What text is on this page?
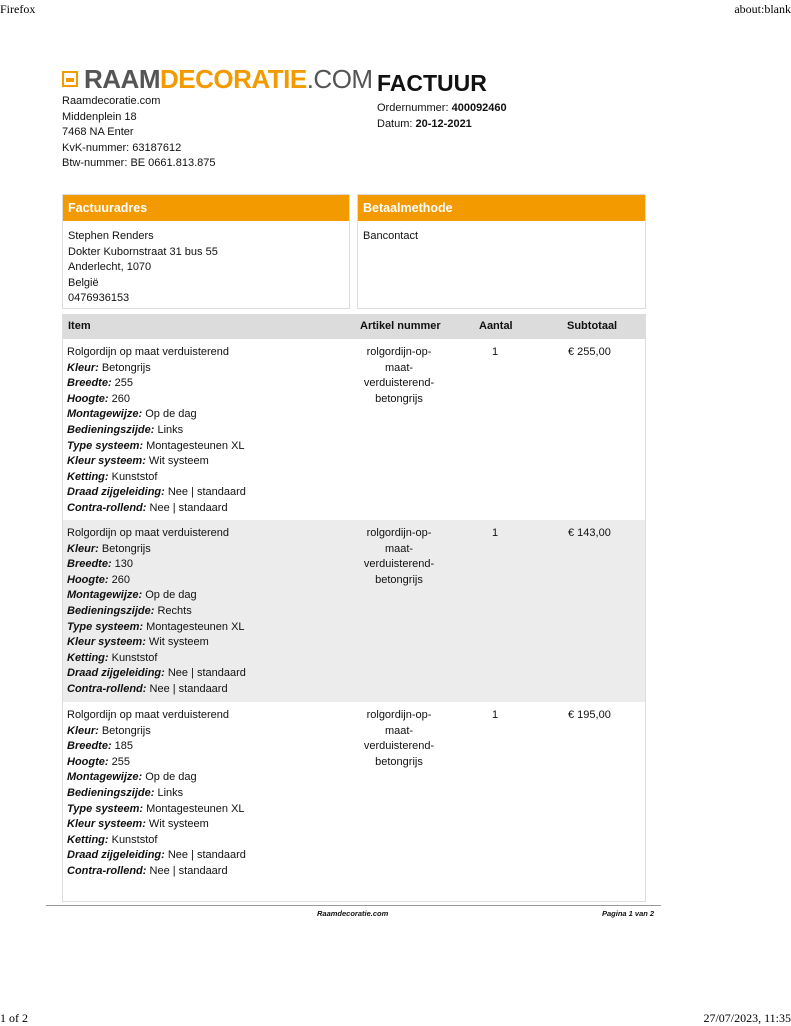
Firefox	about:blank
RAAMDECORATIE.COM
Raamdecoratie.com
Middenplein 18
7468 NA Enter
KvK-nummer: 63187612
Btw-nummer: BE 0661.813.875
FACTUUR
Ordernummer: 400092460
Datum: 20-12-2021
Factuuradres
Stephen Renders
Dokter Kubornstraat 31 bus 55
Anderlecht, 1070
België
0476936153
Betaalmethode
Bancontact
Item	Artikel nummer	Aantal	Subtotaal
Rolgordijn op maat verduisterend
Kleur: Betongrijs
Breedte: 255
Hoogte: 260
Montagewijze: Op de dag
Bedieningszijde: Links
Type systeem: Montagesteunen XL
Kleur systeem: Wit systeem
Ketting: Kunststof
Draad zijgeleiding: Nee | standaard
Contra-rollend: Nee | standaard
rolgordijn-op-
maat-
verduisterend-
betongrijs
1	€ 255,00
Rolgordijn op maat verduisterend
Kleur: Betongrijs
Breedte: 130
Hoogte: 260
Montagewijze: Op de dag
Bedieningszijde: Rechts
Type systeem: Montagesteunen XL
Kleur systeem: Wit systeem
Ketting: Kunststof
Draad zijgeleiding: Nee | standaard
Contra-rollend: Nee | standaard
rolgordijn-op-
maat-
verduisterend-
betongrijs
1	€ 143,00
Rolgordijn op maat verduisterend
Kleur: Betongrijs
Breedte: 185
Hoogte: 255
Montagewijze: Op de dag
Bedieningszijde: Links
Type systeem: Montagesteunen XL
Kleur systeem: Wit systeem
Ketting: Kunststof
Draad zijgeleiding: Nee | standaard
Contra-rollend: Nee | standaard
rolgordijn-op-
maat-
verduisterend-
betongrijs
1	€ 195,00
Raamdecoratie.com	Pagina 1 van 2
1 of 2	27/07/2023, 11:35
